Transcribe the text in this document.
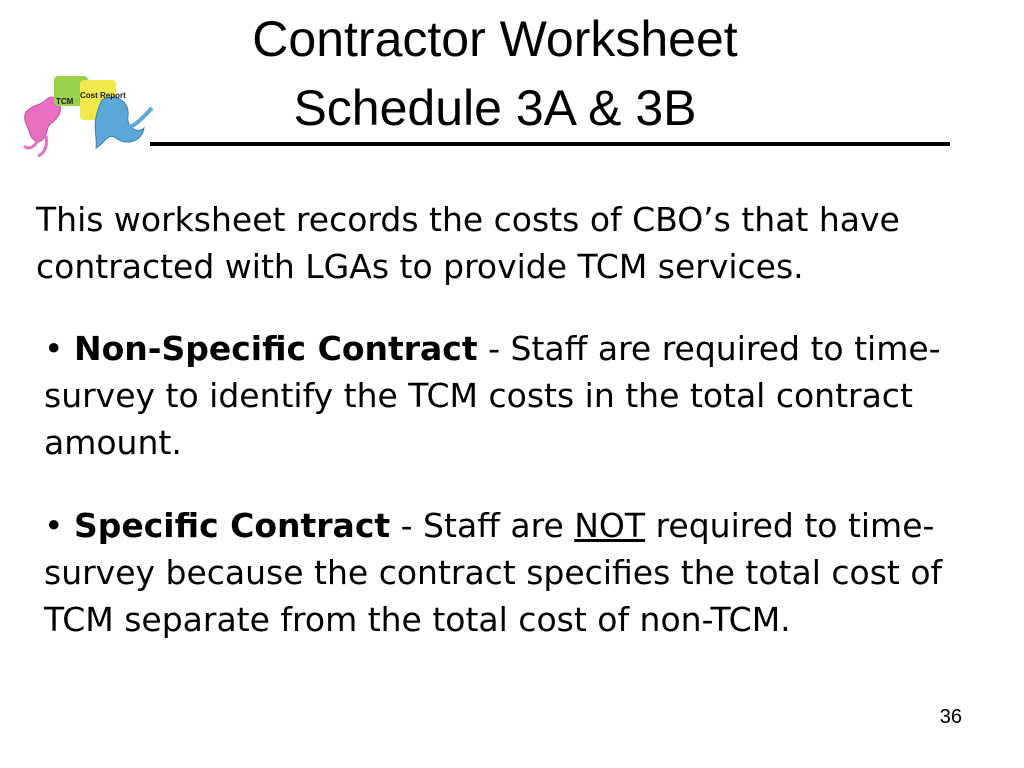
TCM
Cost Report
Contractor Worksheet
Schedule 3A & 3B

This worksheet records the costs of CBO’s that have contracted with LGAs to provide TCM services.

• Non-Specific Contract - Staff are required to time-survey to identify the TCM costs in the total contract amount.

• Specific Contract - Staff are NOT required to time-survey because the contract specifies the total cost of TCM separate from the total cost of non-TCM.

36
